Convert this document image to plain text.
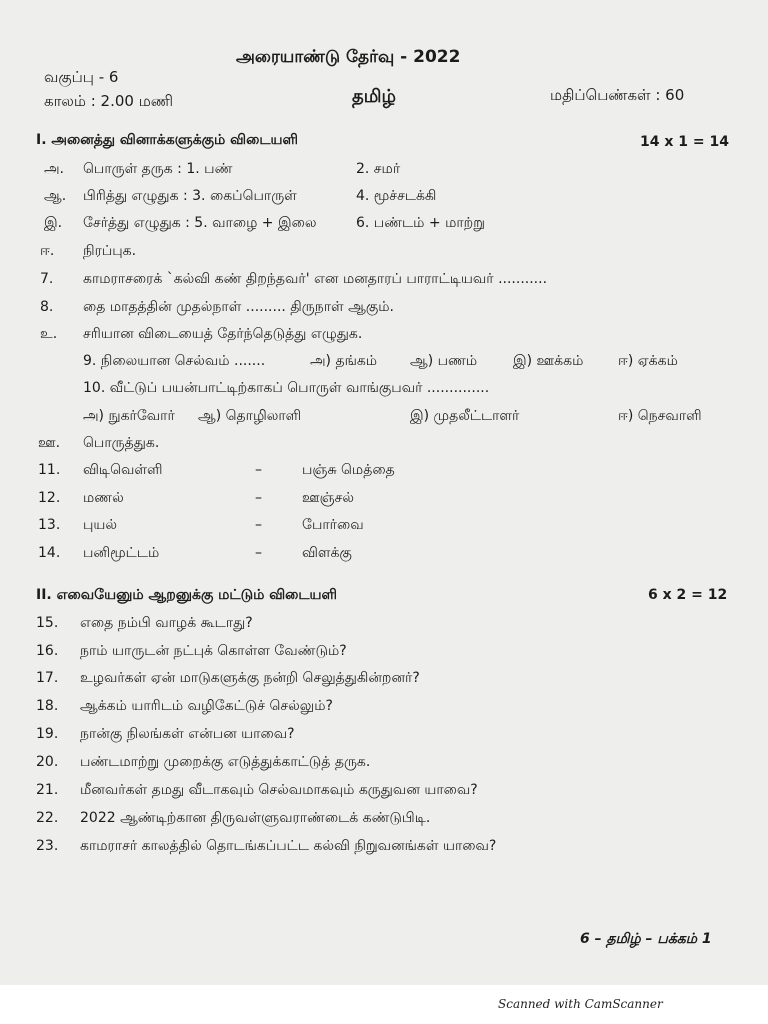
அரையாண்டு தேர்வு - 2022
வகுப்பு - 6
காலம் : 2.00 மணி	தமிழ்	மதிப்பெண்கள் : 60
I. அனைத்து வினாக்களுக்கும் விடையளி	14 x 1 = 14
அ. பொருள் தருக : 1. பண்	2. சமர்
ஆ. பிரித்து எழுதுக : 3. கைப்பொருள்	4. மூச்சடக்கி
இ. சேர்த்து எழுதுக : 5. வாழை + இலை	6. பண்டம் + மாற்று
ஈ. நிரப்புக.
7. காமராசரைக் `கல்வி கண் திறந்தவர்' என மனதாரப் பாராட்டியவர் ...........
8. தை மாதத்தின் முதல்நாள் ......... திருநாள் ஆகும்.
உ. சரியான விடையைத் தேர்ந்தெடுத்து எழுதுக.
9. நிலையான செல்வம் .......	அ) தங்கம் ஆ) பணம்	இ) ஊக்கம் ஈ) ஏக்கம்
10. வீட்டுப் பயன்பாட்டிற்காகப் பொருள் வாங்குபவர் ..............
அ) நுகர்வோர் ஆ) தொழிலாளி	இ) முதலீட்டாளர்	ஈ) நெசவாளி
ஊ. பொருத்துக.
11. விடிவெள்ளி	–	பஞ்சு மெத்தை
12. மணல்	–	ஊஞ்சல்
13. புயல்	–	போர்வை
14. பனிமூட்டம்	–	விளக்கு
II. எவையேனும் ஆறனுக்கு மட்டும் விடையளி	6 x 2 = 12
15. எதை நம்பி வாழக் கூடாது?
16. நாம் யாருடன் நட்புக் கொள்ள வேண்டும்?
17. உழவர்கள் ஏன் மாடுகளுக்கு நன்றி செலுத்துகின்றனர்?
18. ஆக்கம் யாரிடம் வழிகேட்டுச் செல்லும்?
19. நான்கு நிலங்கள் என்பன யாவை?
20. பண்டமாற்று முறைக்கு எடுத்துக்காட்டுத் தருக.
21. மீனவர்கள் தமது வீடாகவும் செல்வமாகவும் கருதுவன யாவை?
22. 2022 ஆண்டிற்கான திருவள்ளுவராண்டைக் கண்டுபிடி.
23. காமராசர் காலத்தில் தொடங்கப்பட்ட கல்வி நிறுவனங்கள் யாவை?
6 – தமிழ் – பக்கம் 1
Scanned with CamScanner
